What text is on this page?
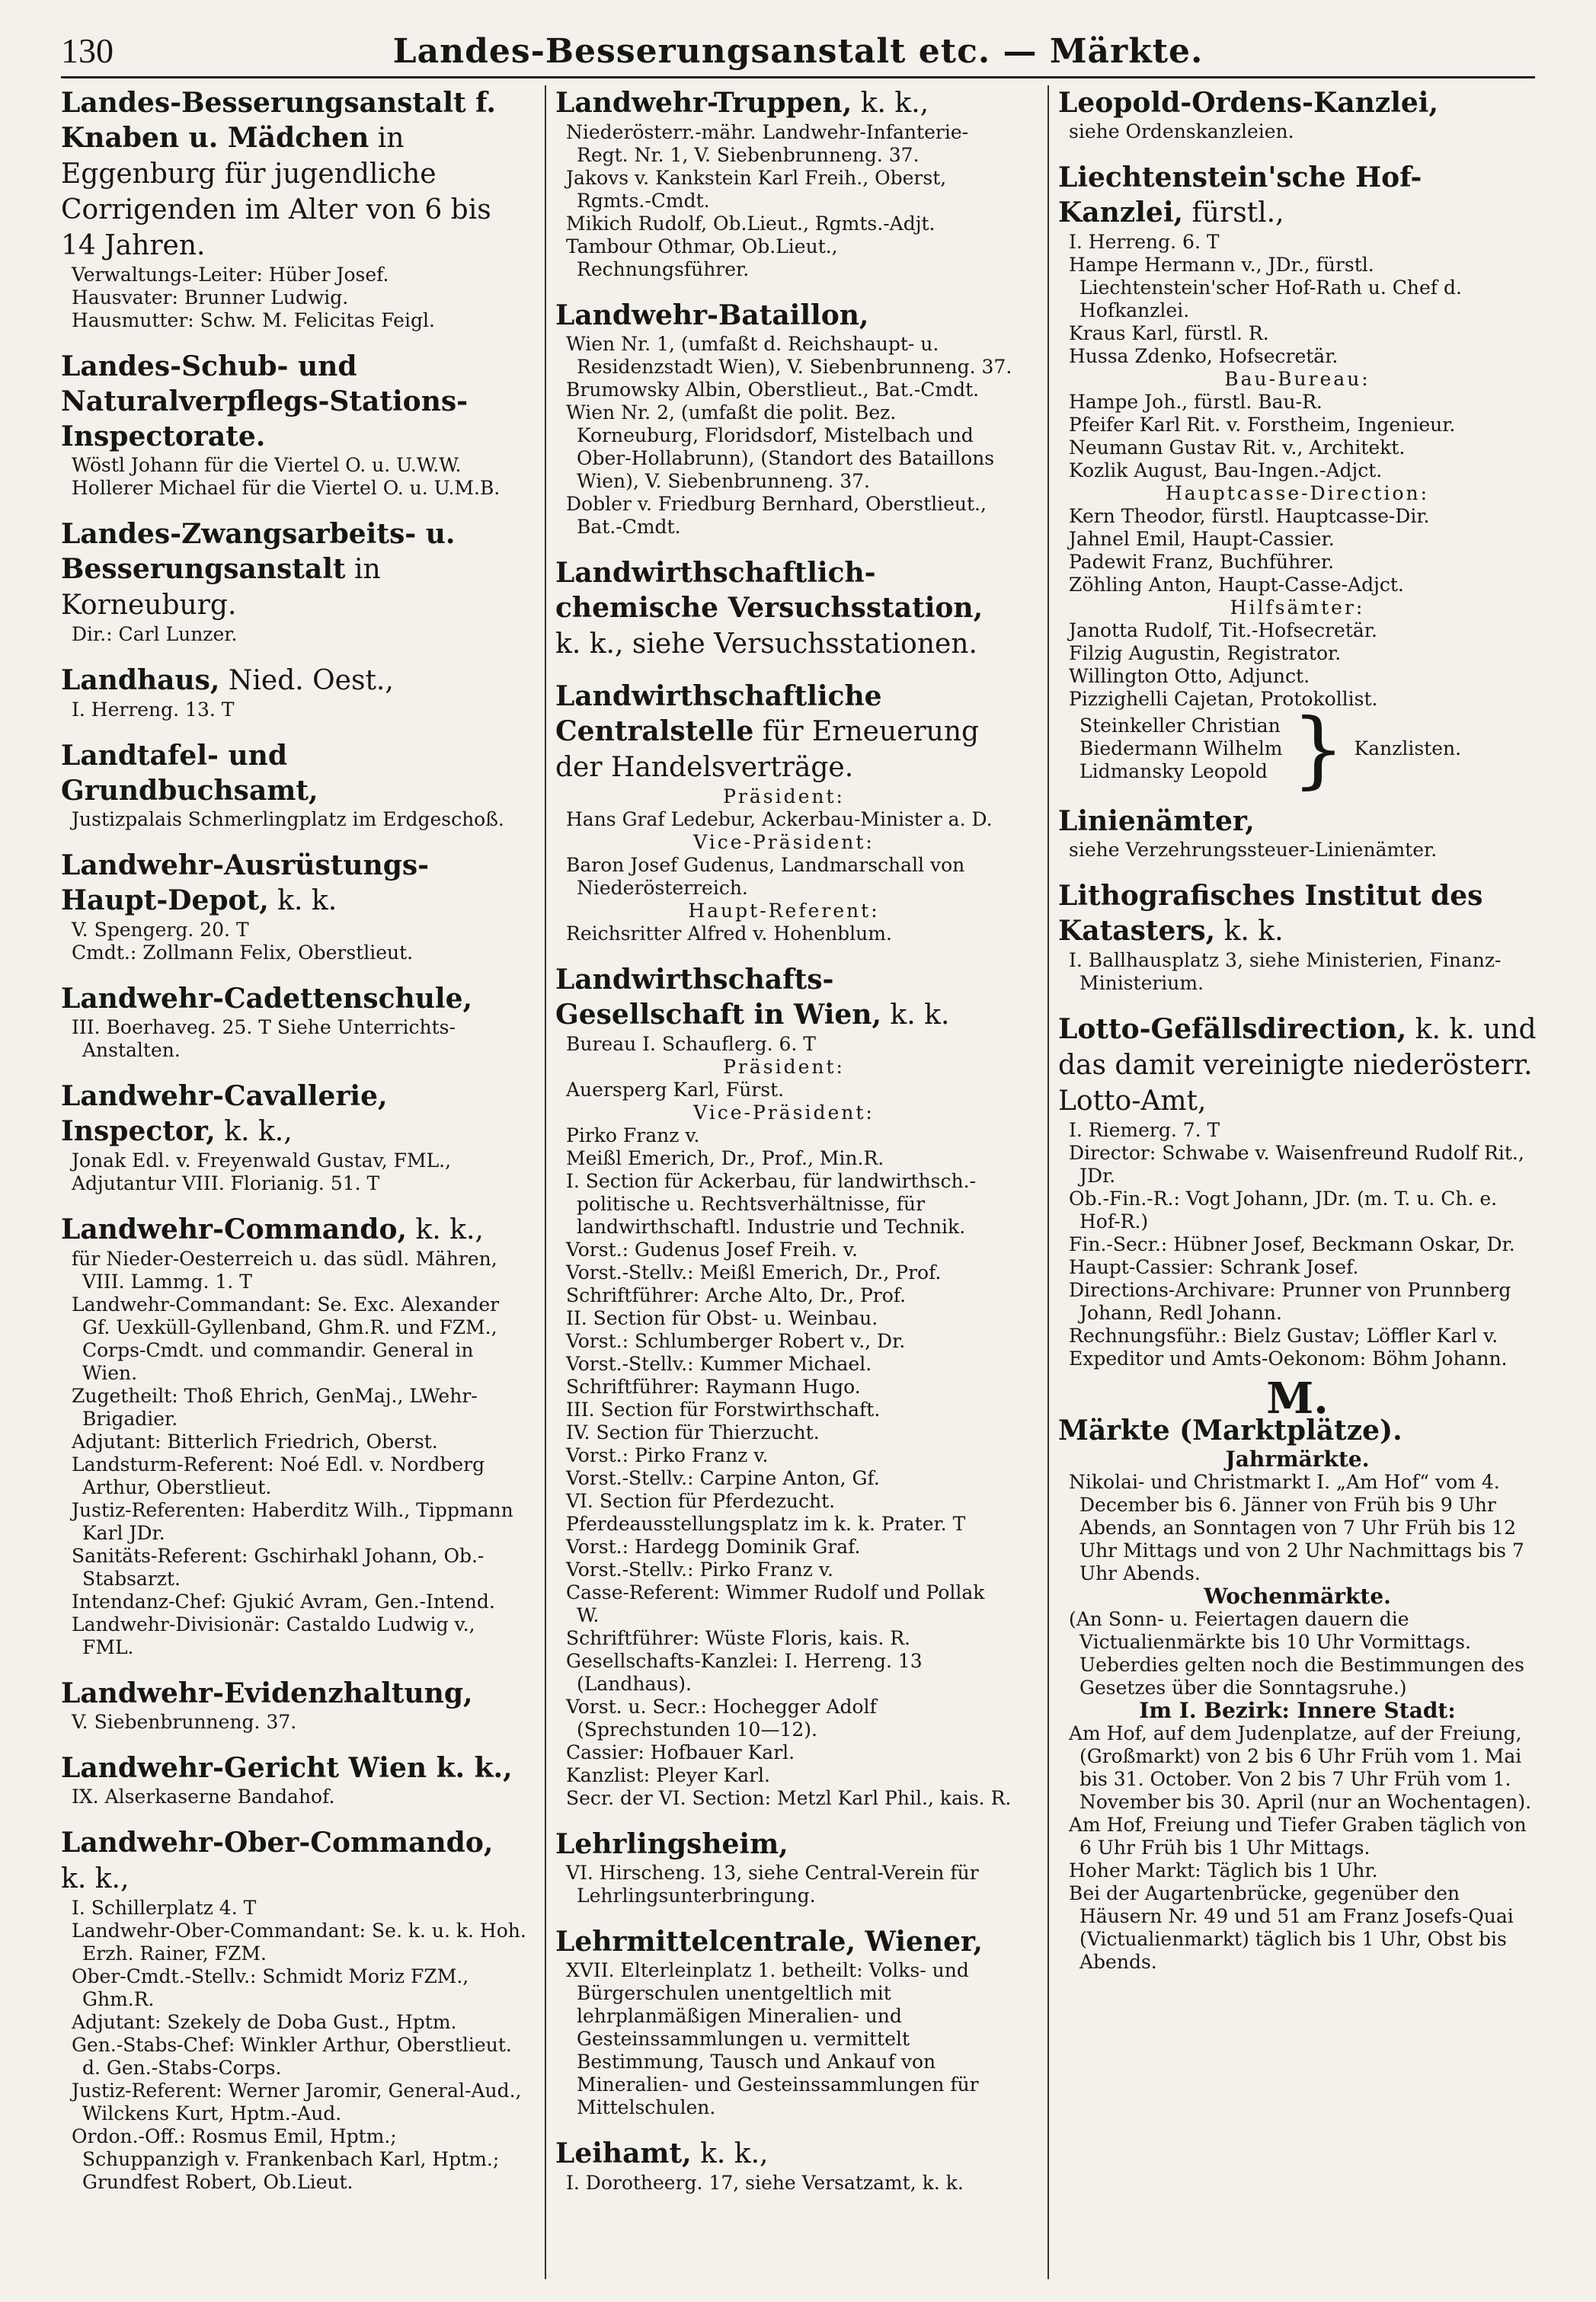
130	Landes-Besserungsanstalt etc. — Märkte.
Landes-Besserungsanstalt f. Knaben u. Mädchen in Eggenburg für jugendliche Corrigenden im Alter von 6 bis 14 Jahren.
Verwaltungs-Leiter: Hüber Josef.
Hausvater: Brunner Ludwig.
Hausmutter: Schw. M. Felicitas Feigl.
Landes-Schub- und Naturalverpflegs-Stations-Inspectorate.
Wöstl Johann für die Viertel O. u. U.W.W.
Hollerer Michael für die Viertel O. u. U.M.B.
Landes-Zwangsarbeits- u. Besserungsanstalt in Korneuburg.
Dir.: Carl Lunzer.
Landhaus, Nied. Oest.,
I. Herreng. 13. T
Landtafel- und Grundbuchsamt,
Justizpalais Schmerlingplatz im Erdgeschoß.
Landwehr-Ausrüstungs-Haupt-Depot, k. k.
V. Spengerg. 20. T
Cmdt.: Zollmann Felix, Oberstlieut.
Landwehr-Cadettenschule,
III. Boerhaveg. 25. T Siehe Unterrichts-Anstalten.
Landwehr-Cavallerie, Inspector, k. k.,
Jonak Edl. v. Freyenwald Gustav, FML.,
Adjutantur VIII. Florianig. 51. T
Landwehr-Commando, k. k.,
für Nieder-Oesterreich u. das südl. Mähren, VIII. Lammg. 1. T
Landwehr-Commandant: Se. Exc. Alexander Gf. Uexküll-Gyllenband, Ghm.R. und FZM., Corps-Cmdt. und commandir. General in Wien.
Zugetheilt: Thoß Ehrich, GenMaj., LWehr-Brigadier.
Adjutant: Bitterlich Friedrich, Oberst.
Landsturm-Referent: Noé Edl. v. Nordberg Arthur, Oberstlieut.
Justiz-Referenten: Haberditz Wilh., Tippmann Karl JDr.
Sanitäts-Referent: Gschirhakl Johann, Ob.-Stabsarzt.
Intendanz-Chef: Gjukić Avram, Gen.-Intend.
Landwehr-Divisionär: Castaldo Ludwig v., FML.
Landwehr-Evidenzhaltung,
V. Siebenbrunneng. 37.
Landwehr-Gericht Wien k. k.,
IX. Alserkaserne Bandahof.
Landwehr-Ober-Commando, k. k.,
I. Schillerplatz 4. T
Landwehr-Ober-Commandant: Se. k. u. k. Hoh. Erzh. Rainer, FZM.
Ober-Cmdt.-Stellv.: Schmidt Moriz FZM., Ghm.R.
Adjutant: Szekely de Doba Gust., Hptm.
Gen.-Stabs-Chef: Winkler Arthur, Oberstlieut. d. Gen.-Stabs-Corps.
Justiz-Referent: Werner Jaromir, General-Aud., Wilckens Kurt, Hptm.-Aud.
Ordon.-Off.: Rosmus Emil, Hptm.; Schuppanzigh v. Frankenbach Karl, Hptm.; Grundfest Robert, Ob.Lieut.
Landwehr-Truppen, k. k.,
Niederösterr.-mähr. Landwehr-Infanterie-Regt. Nr. 1, V. Siebenbrunneng. 37.
Jakovs v. Kankstein Karl Freih., Oberst, Rgmts.-Cmdt.
Mikich Rudolf, Ob.Lieut., Rgmts.-Adjt.
Tambour Othmar, Ob.Lieut., Rechnungsführer.
Landwehr-Bataillon,
Wien Nr. 1, (umfaßt d. Reichshaupt- u. Residenzstadt Wien), V. Siebenbrunneng. 37.
Brumowsky Albin, Oberstlieut., Bat.-Cmdt.
Wien Nr. 2, (umfaßt die polit. Bez. Korneuburg, Floridsdorf, Mistelbach und Ober-Hollabrunn), (Standort des Bataillons Wien), V. Siebenbrunneng. 37.
Dobler v. Friedburg Bernhard, Oberstlieut., Bat.-Cmdt.
Landwirthschaftlich-chemische Versuchsstation, k. k., siehe Versuchsstationen.
Landwirthschaftliche Centralstelle für Erneuerung der Handelsverträge.
Präsident:
Hans Graf Ledebur, Ackerbau-Minister a. D.
Vice-Präsident:
Baron Josef Gudenus, Landmarschall von Niederösterreich.
Haupt-Referent:
Reichsritter Alfred v. Hohenblum.
Landwirthschafts-Gesellschaft in Wien, k. k.
Bureau I. Schauflerg. 6. T
Präsident:
Auersperg Karl, Fürst.
Vice-Präsident:
Pirko Franz v.
Meißl Emerich, Dr., Prof., Min.R.
I. Section für Ackerbau, für landwirthsch.-politische u. Rechtsverhältnisse, für landwirthschaftl. Industrie und Technik.
Vorst.: Gudenus Josef Freih. v.
Vorst.-Stellv.: Meißl Emerich, Dr., Prof.
Schriftführer: Arche Alto, Dr., Prof.
II. Section für Obst- u. Weinbau.
Vorst.: Schlumberger Robert v., Dr.
Vorst.-Stellv.: Kummer Michael.
Schriftführer: Raymann Hugo.
III. Section für Forstwirthschaft.
IV. Section für Thierzucht.
Vorst.: Pirko Franz v.
Vorst.-Stellv.: Carpine Anton, Gf.
VI. Section für Pferdezucht.
Pferdeausstellungsplatz im k. k. Prater. T
Vorst.: Hardegg Dominik Graf.
Vorst.-Stellv.: Pirko Franz v.
Casse-Referent: Wimmer Rudolf und Pollak W.
Schriftführer: Wüste Floris, kais. R.
Gesellschafts-Kanzlei: I. Herreng. 13 (Landhaus).
Vorst. u. Secr.: Hochegger Adolf (Sprechstunden 10—12).
Cassier: Hofbauer Karl.
Kanzlist: Pleyer Karl.
Secr. der VI. Section: Metzl Karl Phil., kais. R.
Lehrlingsheim,
VI. Hirscheng. 13, siehe Central-Verein für Lehrlingsunterbringung.
Lehrmittelcentrale, Wiener,
XVII. Elterleinplatz 1. betheilt: Volks- und Bürgerschulen unentgeltlich mit lehrplanmäßigen Mineralien- und Gesteinssammlungen u. vermittelt Bestimmung, Tausch und Ankauf von Mineralien- und Gesteinssammlungen für Mittelschulen.
Leihamt, k. k.,
I. Dorotheerg. 17, siehe Versatzamt, k. k.
Leopold-Ordens-Kanzlei,
siehe Ordenskanzleien.
Liechtenstein'sche Hof-Kanzlei, fürstl.,
I. Herreng. 6. T
Hampe Hermann v., JDr., fürstl. Liechtenstein'scher Hof-Rath u. Chef d. Hofkanzlei.
Kraus Karl, fürstl. R.
Hussa Zdenko, Hofsecretär.
Bau-Bureau:
Hampe Joh., fürstl. Bau-R.
Pfeifer Karl Rit. v. Forstheim, Ingenieur.
Neumann Gustav Rit. v., Architekt.
Kozlik August, Bau-Ingen.-Adjct.
Hauptcasse-Direction:
Kern Theodor, fürstl. Hauptcasse-Dir.
Jahnel Emil, Haupt-Cassier.
Padewit Franz, Buchführer.
Zöhling Anton, Haupt-Casse-Adjct.
Hilfsämter:
Janotta Rudolf, Tit.-Hofsecretär.
Filzig Augustin, Registrator.
Willington Otto, Adjunct.
Pizzighelli Cajetan, Protokollist.
Steinkeller Christian
Biedermann Wilhelm
Lidmansky Leopold } Kanzlisten.
Linienämter,
siehe Verzehrungssteuer-Linienämter.
Lithografisches Institut des Katasters, k. k.
I. Ballhausplatz 3, siehe Ministerien, Finanz-Ministerium.
Lotto-Gefällsdirection, k. k. und das damit vereinigte niederösterr. Lotto-Amt,
I. Riemerg. 7. T
Director: Schwabe v. Waisenfreund Rudolf Rit., JDr.
Ob.-Fin.-R.: Vogt Johann, JDr. (m. T. u. Ch. e. Hof-R.)
Fin.-Secr.: Hübner Josef, Beckmann Oskar, Dr.
Haupt-Cassier: Schrank Josef.
Directions-Archivare: Prunner von Prunnberg Johann, Redl Johann.
Rechnungsführ.: Bielz Gustav; Löffler Karl v.
Expeditor und Amts-Oekonom: Böhm Johann.
M.
Märkte (Marktplätze).
Jahrmärkte.
Nikolai- und Christmarkt I. „Am Hof“ vom 4. December bis 6. Jänner von Früh bis 9 Uhr Abends, an Sonntagen von 7 Uhr Früh bis 12 Uhr Mittags und von 2 Uhr Nachmittags bis 7 Uhr Abends.
Wochenmärkte.
(An Sonn- u. Feiertagen dauern die Victualienmärkte bis 10 Uhr Vormittags. Ueberdies gelten noch die Bestimmungen des Gesetzes über die Sonntagsruhe.)
Im I. Bezirk: Innere Stadt:
Am Hof, auf dem Judenplatze, auf der Freiung, (Großmarkt) von 2 bis 6 Uhr Früh vom 1. Mai bis 31. October. Von 2 bis 7 Uhr Früh vom 1. November bis 30. April (nur an Wochentagen).
Am Hof, Freiung und Tiefer Graben täglich von 6 Uhr Früh bis 1 Uhr Mittags.
Hoher Markt: Täglich bis 1 Uhr.
Bei der Augartenbrücke, gegenüber den Häusern Nr. 49 und 51 am Franz Josefs-Quai (Victualienmarkt) täglich bis 1 Uhr, Obst bis Abends.
